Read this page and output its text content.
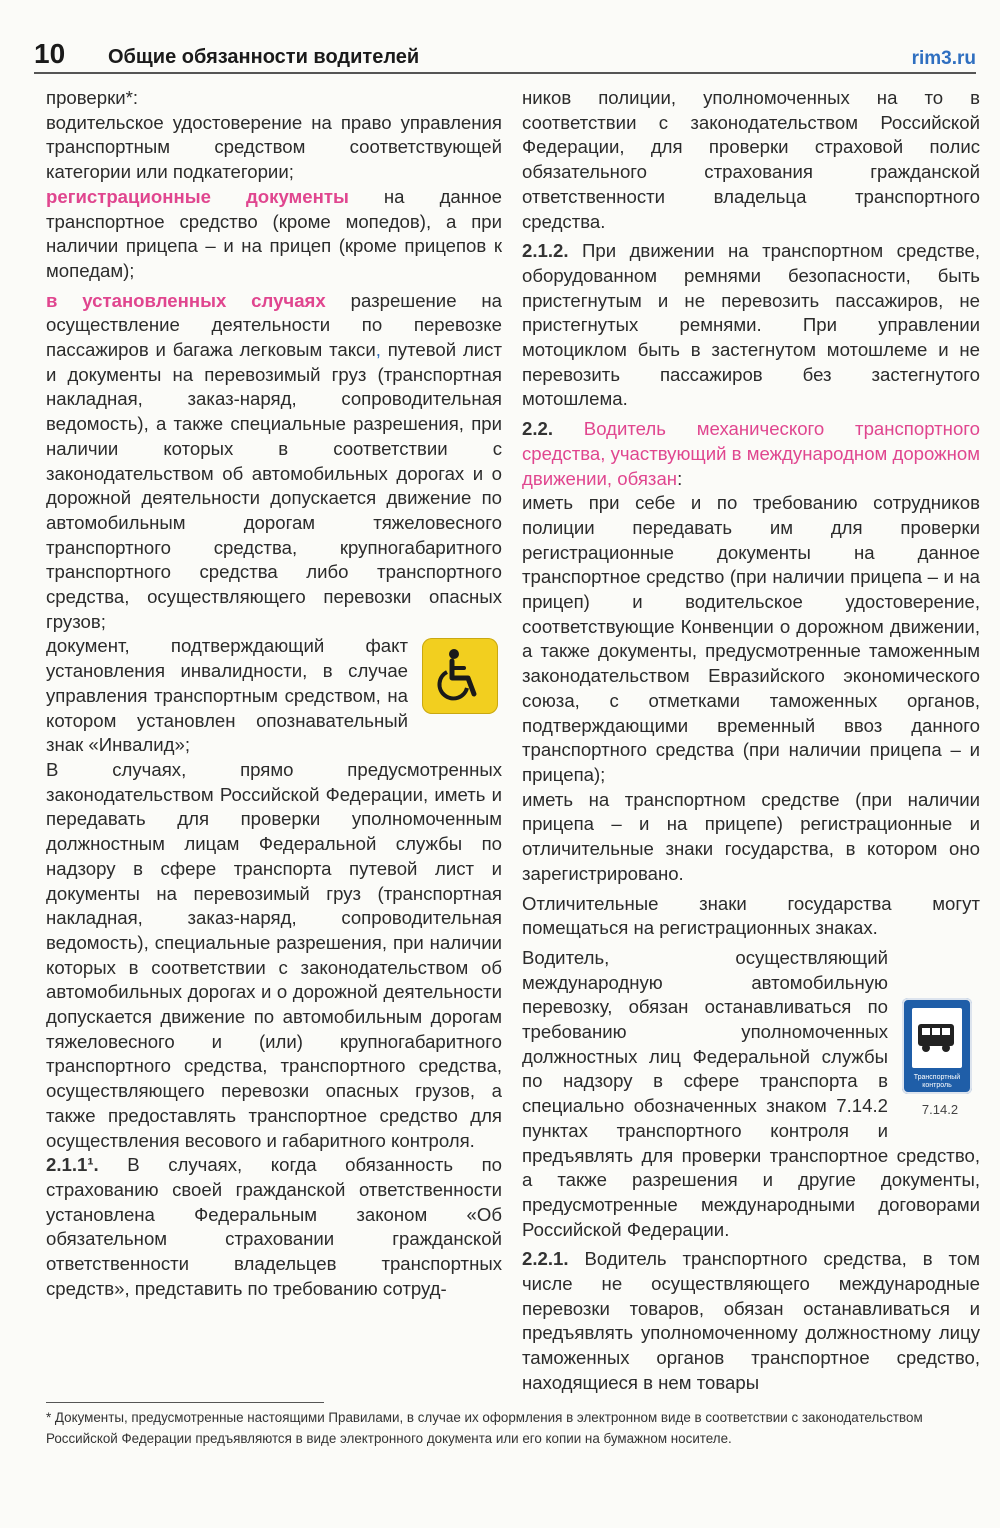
10 Общие обязанности водителей	rim3.ru

проверки*:

водительское удостоверение на право управления транспортным средством соответствующей категории или подкатегории;

регистрационные документы на данное транспортное средство (кроме мопедов), а при наличии прицепа – и на прицеп (кроме прицепов к мопедам);

в установленных случаях разрешение на осуществление деятельности по перевозке пассажиров и багажа легковым такси, путевой лист и документы на перевозимый груз (транспортная накладная, заказ-наряд, сопроводительная ведомость), а также специальные разрешения, при наличии которых в соответствии с законодательством об автомобильных дорогах и о дорожной деятельности допускается движение по автомобильным дорогам тяжеловесного транспортного средства, крупногабаритного транспортного средства либо транспортного средства, осуществляющего перевозки опасных грузов;

документ, подтверждающий факт установления инвалидности, в случае управления транспортным средством, на котором установлен опознавательный знак «Инвалид»;

В случаях, прямо предусмотренных законодательством Российской Федерации, иметь и передавать для проверки уполномоченным должностным лицам Федеральной службы по надзору в сфере транспорта путевой лист и документы на перевозимый груз (транспортная накладная, заказ-наряд, сопроводительная ведомость), специальные разрешения, при наличии которых в соответствии с законодательством об автомобильных дорогах и о дорожной деятельности допускается движение по автомобильным дорогам тяжеловесного и (или) крупногабаритного транспортного средства, транспортного средства, осуществляющего перевозки опасных грузов, а также предоставлять транспортное средство для осуществления весового и габаритного контроля.

2.1.1¹. В случаях, когда обязанность по страхованию своей гражданской ответственности установлена Федеральным законом «Об обязательном страховании гражданской ответственности владельцев транспортных средств», представить по требованию сотруд-

ников полиции, уполномоченных на то в соответствии с законодательством Российской Федерации, для проверки страховой полис обязательного страхования гражданской ответственности владельца транспортного средства.

2.1.2. При движении на транспортном средстве, оборудованном ремнями безопасности, быть пристегнутым и не перевозить пассажиров, не пристегнутых ремнями. При управлении мотоциклом быть в застегнутом мотошлеме и не перевозить пассажиров без застегнутого мотошлема.

2.2. Водитель механического транспортного средства, участвующий в международном дорожном движении, обязан:

иметь при себе и по требованию сотрудников полиции передавать им для проверки регистрационные документы на данное транспортное средство (при наличии прицепа – и на прицеп) и водительское удостоверение, соответствующие Конвенции о дорожном движении, а также документы, предусмотренные таможенным законодательством Евразийского экономического союза, с отметками таможенных органов, подтверждающими временный ввоз данного транспортного средства (при наличии прицепа – и прицепа);

иметь на транспортном средстве (при наличии прицепа – и на прицепе) регистрационные и отличительные знаки государства, в котором оно зарегистрировано.

Отличительные знаки государства могут помещаться на регистрационных знаках.

Транспортный контроль
7.14.2
Водитель, осуществляющий международную автомобильную перевозку, обязан останавливаться по требованию уполномоченных должностных лиц Федеральной службы по надзору в сфере транспорта в специально обозначенных знаком 7.14.2 пунктах транспортного контроля и предъявлять для проверки транспортное средство, а также разрешения и другие документы, предусмотренные международными договорами Российской Федерации.

2.2.1. Водитель транспортного средства, в том числе не осуществляющего международные перевозки товаров, обязан останавливаться и предъявлять уполномоченному должностному лицу таможенных органов транспортное средство, находящиеся в нем товары

* Документы, предусмотренные настоящими Правилами, в случае их оформления в электронном виде в соответствии с законодательством Российской Федерации предъявляются в виде электронного документа или его копии на бумажном носителе.
